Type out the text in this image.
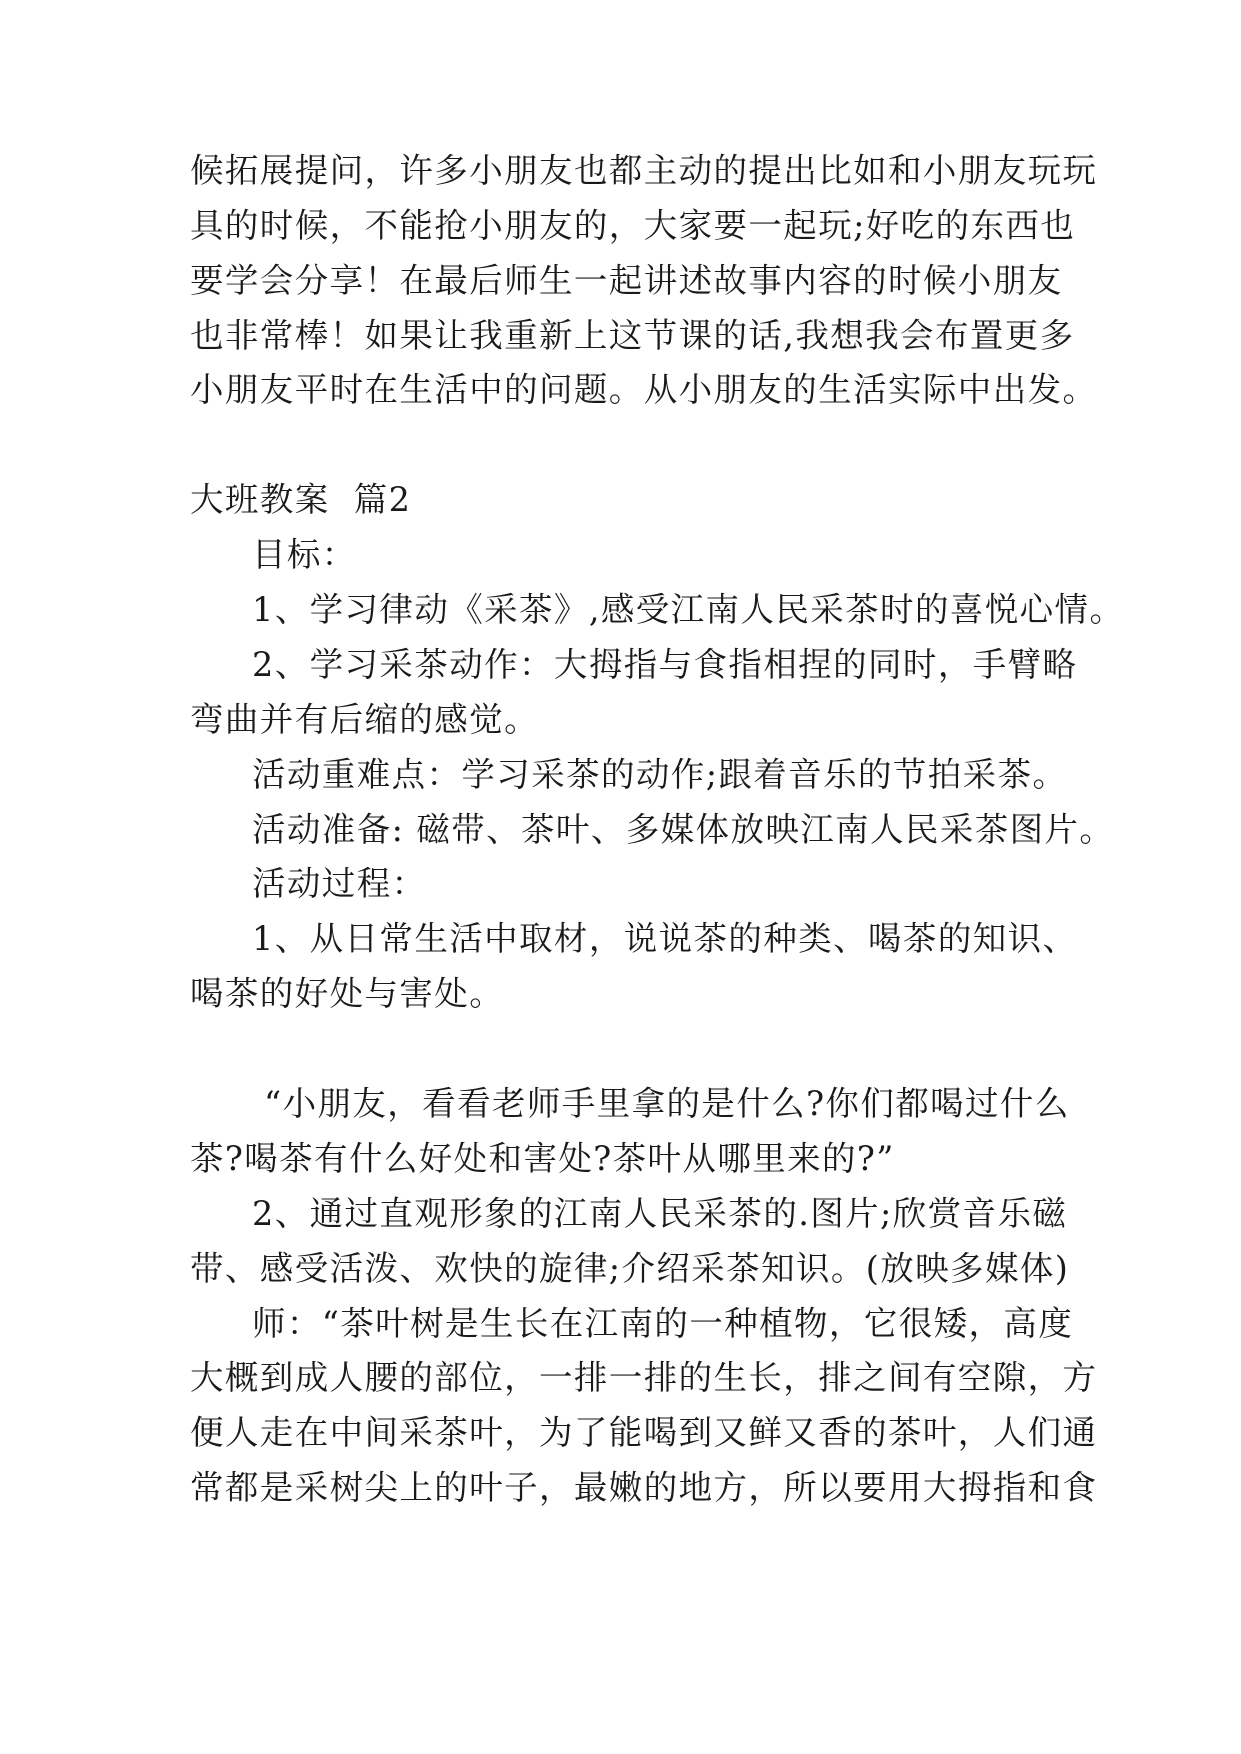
候拓展提问，许多小朋友也都主动的提出比如和小朋友玩玩
具的时候，不能抢小朋友的，大家要一起玩;好吃的东西也
要学会分享！在最后师生一起讲述故事内容的时候小朋友
也非常棒！如果让我重新上这节课的话,我想我会布置更多
小朋友平时在生活中的问题。从小朋友的生活实际中出发。
大班教案  篇2
目标：
1、学习律动《采茶》,感受江南人民采茶时的喜悦心情。
2、学习采茶动作：大拇指与食指相捏的同时，手臂略
弯曲并有后缩的感觉。
活动重难点：学习采茶的动作;跟着音乐的节拍采茶。
活动准备: 磁带、茶叶、多媒体放映江南人民采茶图片。
活动过程：
1、从日常生活中取材，说说茶的种类、喝茶的知识、
喝茶的好处与害处。
“小朋友，看看老师手里拿的是什么?你们都喝过什么
茶?喝茶有什么好处和害处?茶叶从哪里来的?”
2、通过直观形象的江南人民采茶的.图片;欣赏音乐磁
带、感受活泼、欢快的旋律;介绍采茶知识。(放映多媒体)
师：“茶叶树是生长在江南的一种植物，它很矮，高度
大概到成人腰的部位，一排一排的生长，排之间有空隙，方
便人走在中间采茶叶，为了能喝到又鲜又香的茶叶，人们通
常都是采树尖上的叶子，最嫩的地方，所以要用大拇指和食
